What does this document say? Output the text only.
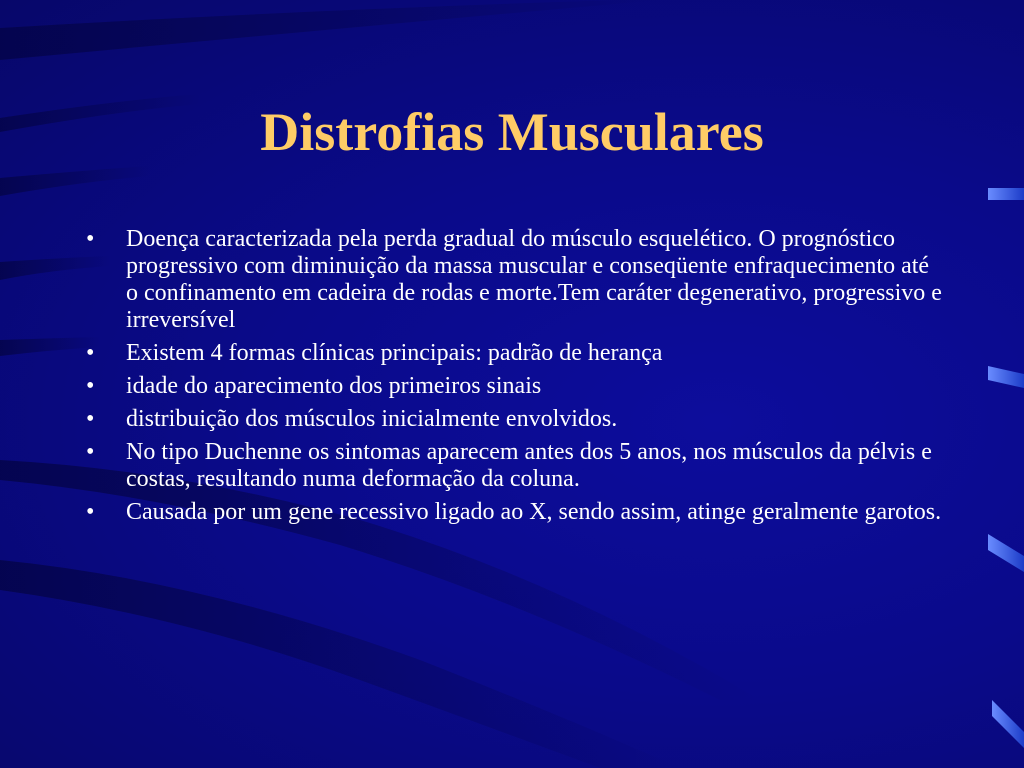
Distrofias Musculares
•	Doença caracterizada pela perda gradual do músculo esquelético. O prognóstico progressivo com diminuição da massa muscular e conseqüente enfraquecimento até o confinamento em cadeira de rodas e morte.Tem caráter degenerativo, progressivo e irreversível
•	Existem 4 formas clínicas principais: padrão de herança
•	idade do aparecimento dos primeiros sinais
•	distribuição dos músculos inicialmente envolvidos.
•	No tipo Duchenne os sintomas aparecem antes dos 5 anos, nos músculos da pélvis e costas, resultando numa deformação da coluna.
•	Causada por um gene recessivo ligado ao X, sendo assim, atinge geralmente garotos.
